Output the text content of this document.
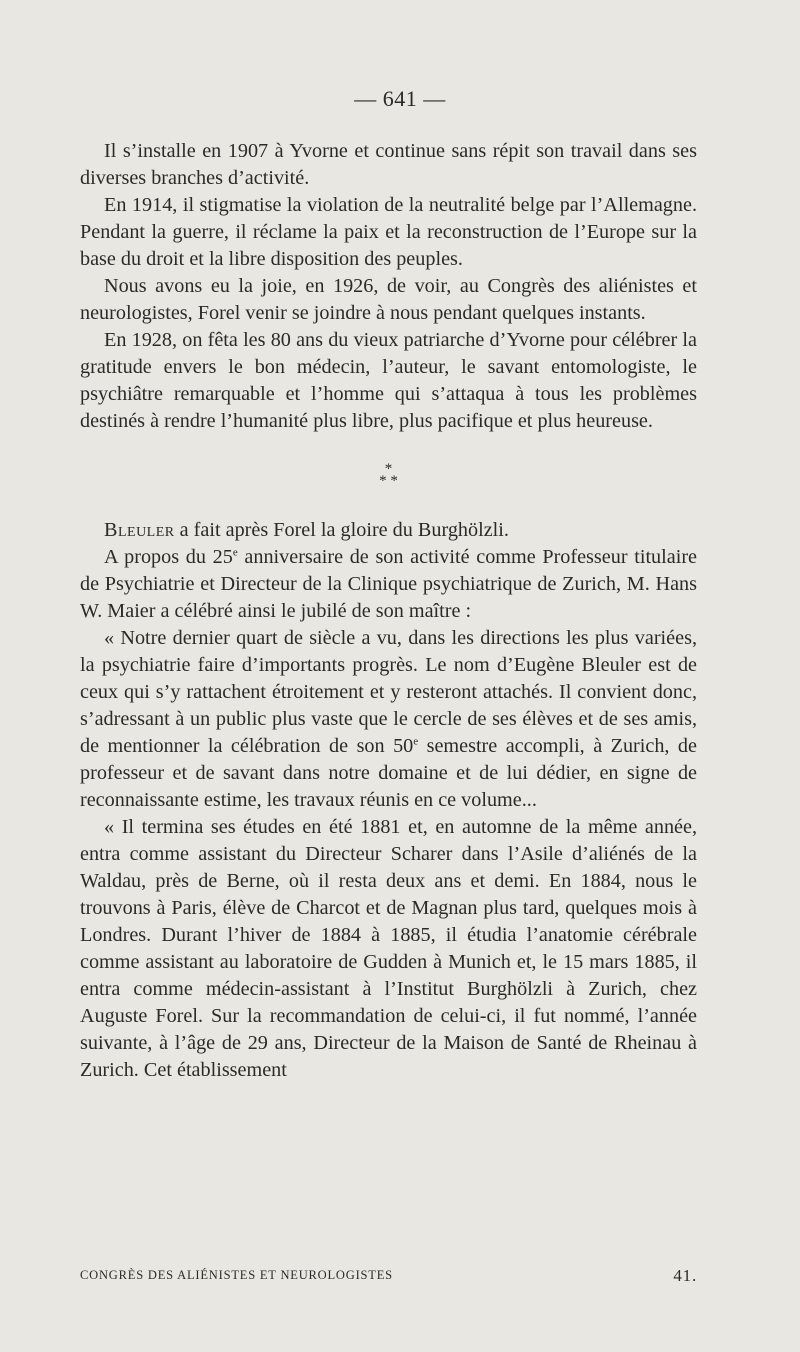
— 641 —

Il s’installe en 1907 à Yvorne et continue sans répit son travail dans ses diverses branches d’activité.

En 1914, il stigmatise la violation de la neutralité belge par l’Allemagne. Pendant la guerre, il réclame la paix et la reconstruction de l’Europe sur la base du droit et la libre disposition des peuples.

Nous avons eu la joie, en 1926, de voir, au Congrès des aliénistes et neurologistes, Forel venir se joindre à nous pendant quelques instants.

En 1928, on fêta les 80 ans du vieux patriarche d’Yvorne pour célébrer la gratitude envers le bon médecin, l’auteur, le savant entomologiste, le psychiâtre remarquable et l’homme qui s’attaqua à tous les problèmes destinés à rendre l’humanité plus libre, plus pacifique et plus heureuse.

*
* *

Bleuler a fait après Forel la gloire du Burghölzli.

A propos du 25e anniversaire de son activité comme Professeur titulaire de Psychiatrie et Directeur de la Clinique psychiatrique de Zurich, M. Hans W. Maier a célébré ainsi le jubilé de son maître :

« Notre dernier quart de siècle a vu, dans les directions les plus variées, la psychiatrie faire d’importants progrès. Le nom d’Eugène Bleuler est de ceux qui s’y rattachent étroitement et y resteront attachés. Il convient donc, s’adressant à un public plus vaste que le cercle de ses élèves et de ses amis, de mentionner la célébration de son 50e semestre accompli, à Zurich, de professeur et de savant dans notre domaine et de lui dédier, en signe de reconnaissante estime, les travaux réunis en ce volume...

« Il termina ses études en été 1881 et, en automne de la même année, entra comme assistant du Directeur Scharer dans l’Asile d’aliénés de la Waldau, près de Berne, où il resta deux ans et demi. En 1884, nous le trouvons à Paris, élève de Charcot et de Magnan plus tard, quelques mois à Londres. Durant l’hiver de 1884 à 1885, il étudia l’anatomie cérébrale comme assistant au laboratoire de Gudden à Munich et, le 15 mars 1885, il entra comme médecin-assistant à l’Institut Burghölzli à Zurich, chez Auguste Forel. Sur la recommandation de celui-ci, il fut nommé, l’année suivante, à l’âge de 29 ans, Directeur de la Maison de Santé de Rheinau à Zurich. Cet établissement

CONGRÈS DES ALIÉNISTES ET NEUROLOGISTES	41.
